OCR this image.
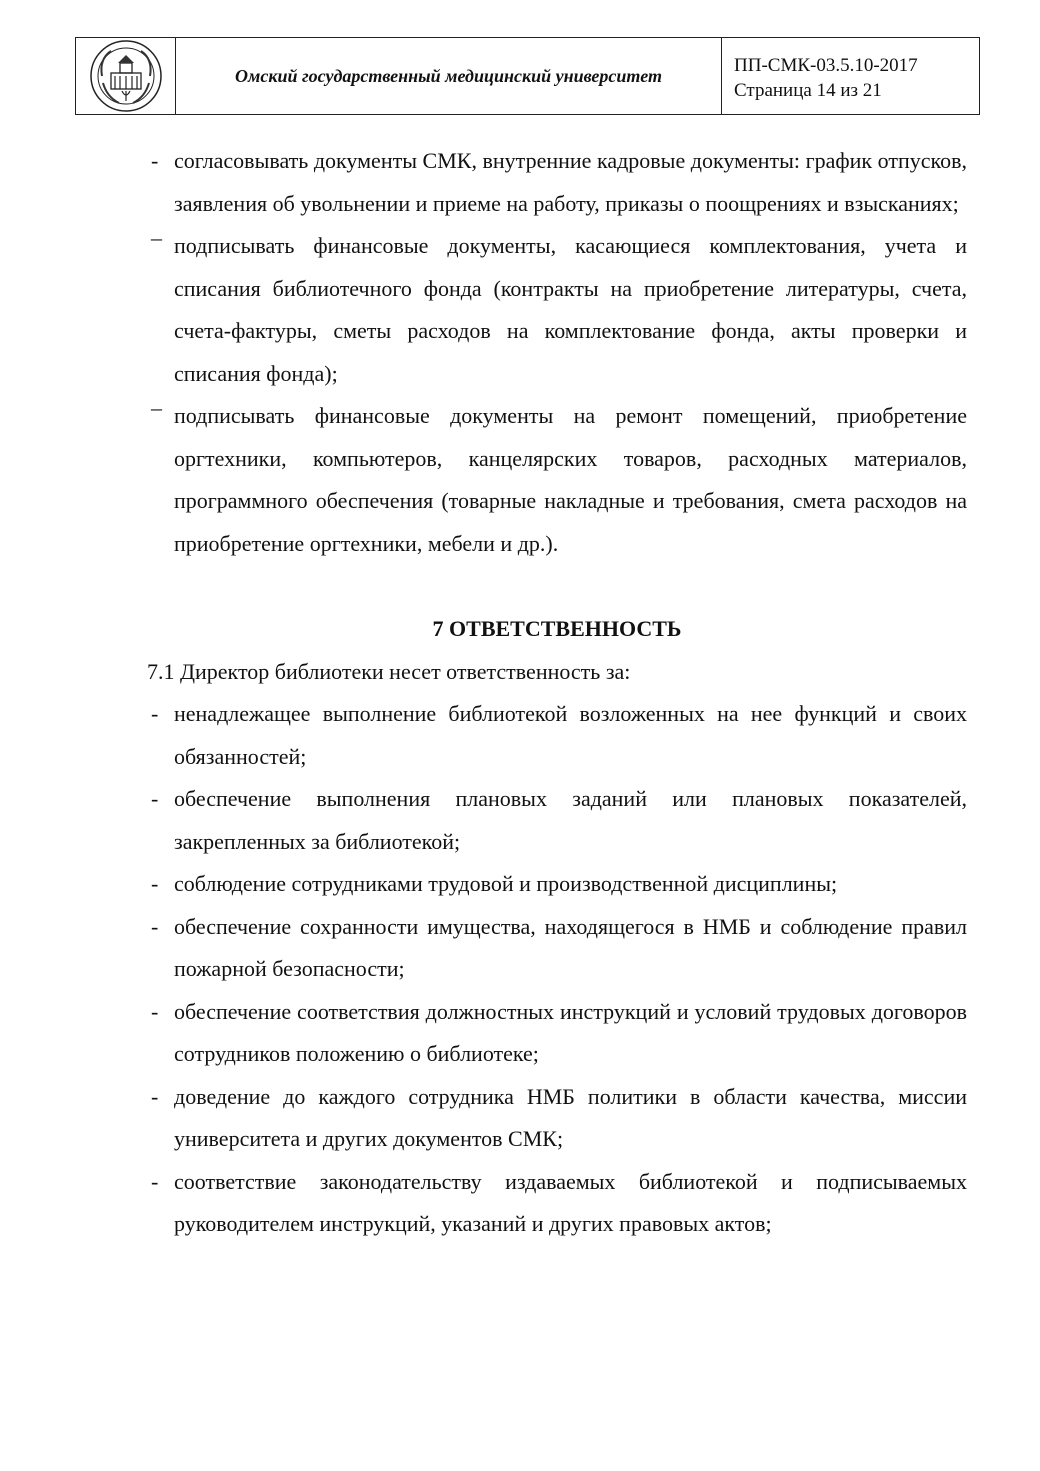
Омский государственный медицинский университет	ПП-СМК-03.5.10-2017
Страница 14 из 21
- согласовывать документы СМК, внутренние кадровые документы: график отпусков, заявления об увольнении и приеме на работу, приказы о поощрениях и взысканиях;
‒ подписывать финансовые документы, касающиеся комплектования, учета и списания библиотечного фонда (контракты на приобретение литературы, счета, счета-фактуры, сметы расходов на комплектование фонда, акты проверки и списания фонда);
‒ подписывать финансовые документы на ремонт помещений, приобретение оргтехники, компьютеров, канцелярских товаров, расходных материалов, программного обеспечения (товарные накладные и требования, смета расходов на приобретение оргтехники, мебели и др.).
7 ОТВЕТСТВЕННОСТЬ
7.1 Директор библиотеки несет ответственность за:
- ненадлежащее выполнение библиотекой возложенных на нее функций и своих обязанностей;
- обеспечение выполнения плановых заданий или плановых показателей, закрепленных за библиотекой;
- соблюдение сотрудниками трудовой и производственной дисциплины;
- обеспечение сохранности имущества, находящегося в НМБ и соблюдение правил пожарной безопасности;
- обеспечение соответствия должностных инструкций и условий трудовых договоров сотрудников положению о библиотеке;
- доведение до каждого сотрудника НМБ политики в области качества, миссии университета и других документов СМК;
- соответствие законодательству издаваемых библиотекой и подписываемых руководителем инструкций, указаний и других правовых актов;
